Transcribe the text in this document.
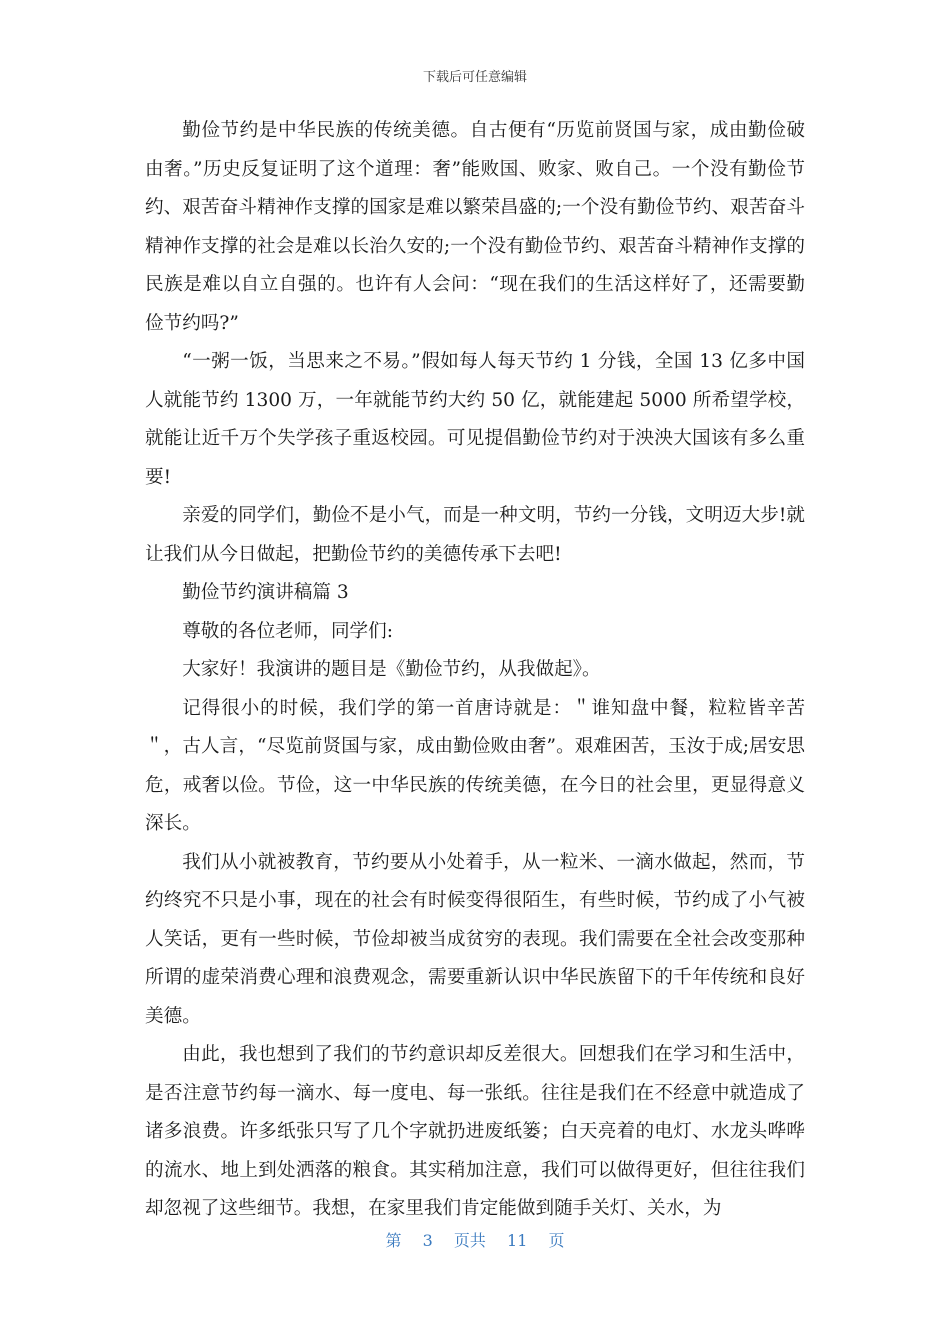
下载后可任意编辑

勤俭节约是中华民族的传统美德。自古便有“历览前贤国与家，成由勤俭破由奢。”历史反复证明了这个道理：奢”能败国、败家、败自己。一个没有勤俭节约、艰苦奋斗精神作支撑的国家是难以繁荣昌盛的;一个没有勤俭节约、艰苦奋斗精神作支撑的社会是难以长治久安的;一个没有勤俭节约、艰苦奋斗精神作支撑的民族是难以自立自强的。也许有人会问：“现在我们的生活这样好了，还需要勤俭节约吗?”

“一粥一饭，当思来之不易。”假如每人每天节约 1 分钱，全国 13 亿多中国人就能节约 1300 万，一年就能节约大约 50 亿，就能建起 5000 所希望学校，就能让近千万个失学孩子重返校园。可见提倡勤俭节约对于泱泱大国该有多么重要!

亲爱的同学们，勤俭不是小气，而是一种文明，节约一分钱，文明迈大步!就让我们从今日做起，把勤俭节约的美德传承下去吧!

勤俭节约演讲稿篇 3

尊敬的各位老师，同学们:

大家好！我演讲的题目是《勤俭节约，从我做起》。

记得很小的时候，我们学的第一首唐诗就是：＂谁知盘中餐，粒粒皆辛苦＂，古人言，“尽览前贤国与家，成由勤俭败由奢”。艰难困苦，玉汝于成;居安思危，戒奢以俭。节俭，这一中华民族的传统美德，在今日的社会里，更显得意义深长。

我们从小就被教育，节约要从小处着手，从一粒米、一滴水做起，然而，节约终究不只是小事，现在的社会有时候变得很陌生，有些时候，节约成了小气被人笑话，更有一些时候，节俭却被当成贫穷的表现。我们需要在全社会改变那种所谓的虚荣消费心理和浪费观念，需要重新认识中华民族留下的千年传统和良好美德。

由此，我也想到了我们的节约意识却反差很大。回想我们在学习和生活中，是否注意节约每一滴水、每一度电、每一张纸。往往是我们在不经意中就造成了诸多浪费。许多纸张只写了几个字就扔进废纸篓；白天亮着的电灯、水龙头哗哗的流水、地上到处洒落的粮食。其实稍加注意，我们可以做得更好，但往往我们却忽视了这些细节。我想，在家里我们肯定能做到随手关灯、关水，为

第 3 页共 11 页
